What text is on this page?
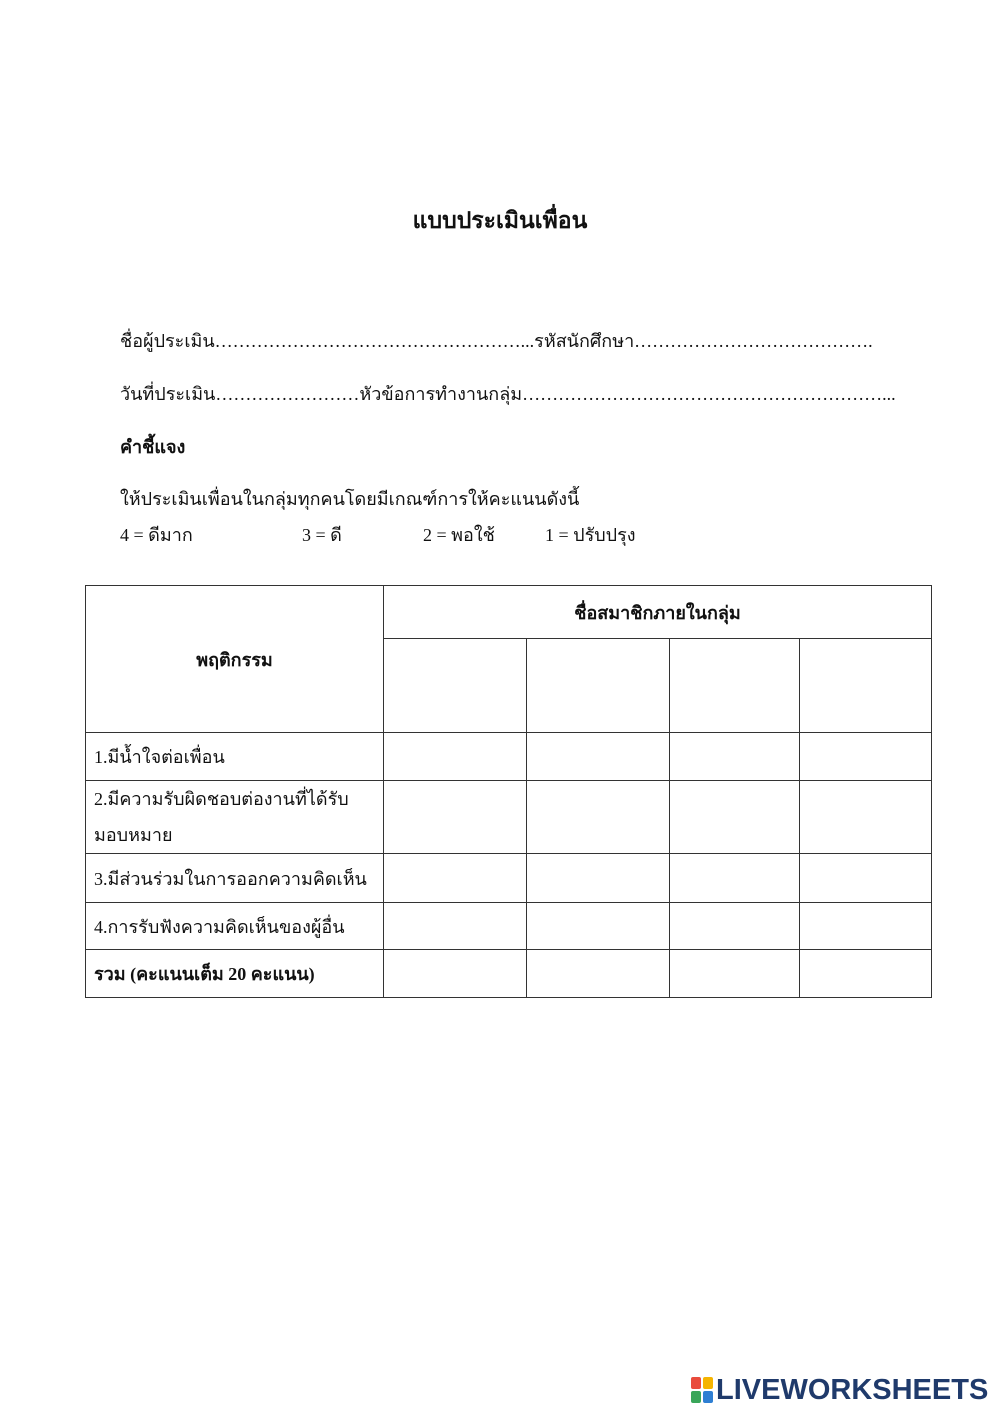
แบบประเมินเพื่อน
ชื่อผู้ประเมิน……………………………………………...รหัสนักศึกษา………………………………….
วันที่ประเมิน……………………หัวข้อการทำงานกลุ่ม……………………………………………………...
คำชี้แจง
ให้ประเมินเพื่อนในกลุ่มทุกคนโดยมีเกณฑ์การให้คะแนนดังนี้
4 = ดีมาก	3 = ดี	2 = พอใช้	1 = ปรับปรุง
พฤติกรรม	ชื่อสมาชิกภายในกลุ่ม			

1.มีน้ำใจต่อเพื่อน				
2.มีความรับผิดชอบต่องานที่ได้รับมอบหมาย				
3.มีส่วนร่วมในการออกความคิดเห็น				
4.การรับฟังความคิดเห็นของผู้อื่น				
รวม (คะแนนเต็ม 20 คะแนน)				
LIVEWORKSHEETS
